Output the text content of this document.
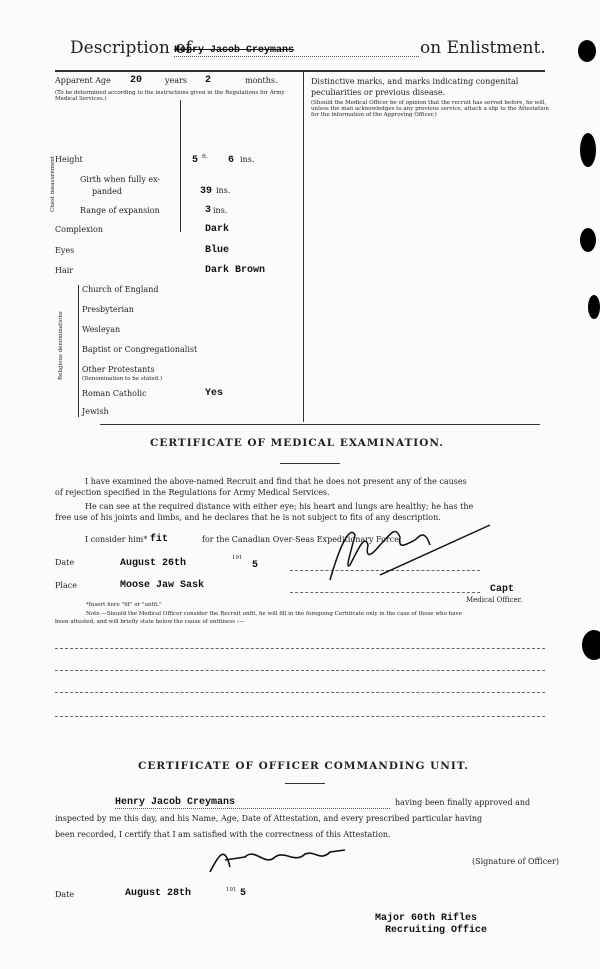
Description of
Henry Jacob Creymans	on Enlistment.
Apparent Age 20	years 2	months.
(To be determined according to the instructions given in the Regulations for Army Medical Services.)
Height	5 ft. 6 ins.
Chest measurement	Girth when fully ex-
panded	39 ins.
Range of expansion	3 ins.
Complexion	Dark
Eyes	Blue
Hair	Dark Brown
Religious denominations
Church of England
Presbyterian
Wesleyan
Baptist or Congregationalist
Other Protestants
(Denomination to be stated.)
Roman Catholic	Yes
Jewish
Distinctive marks, and marks indicating congenital peculiarities or previous disease.
(Should the Medical Officer be of opinion that the recruit has served before, he will, unless the man acknowledges to any previous service, attach a slip to the Attestation for the information of the Approving Officer.)
CERTIFICATE OF MEDICAL EXAMINATION.
I have examined the above-named Recruit and find that he does not present any of the causes
of rejection specified in the Regulations for Army Medical Services.
He can see at the required distance with either eye; his heart and lungs are healthy; he has the
free use of his joints and limbs, and he declares that he is not subject to fits of any description.
I consider him* fit	for the Canadian Over-Seas Expeditionary Force.
Date	August 26th	191
5
Place	Moose Jaw Sask	Capt
Medical Officer.
*Insert here "fit" or "unfit."
Note.—Should the Medical Officer consider the Recruit unfit, he will fill in the foregoing Certificate only in the case of those who have
been attested, and will briefly state below the cause of unfitness :—
CERTIFICATE OF OFFICER COMMANDING UNIT.
Henry Jacob Creymans	having been finally approved and
inspected by me this day, and his Name, Age, Date of Attestation, and every prescribed particular having
been recorded, I certify that I am satisfied with the correctness of this Attestation.
(Signature of Officer)
Date	August 28th	191 5
Major 60th Rifles
Recruiting Office
